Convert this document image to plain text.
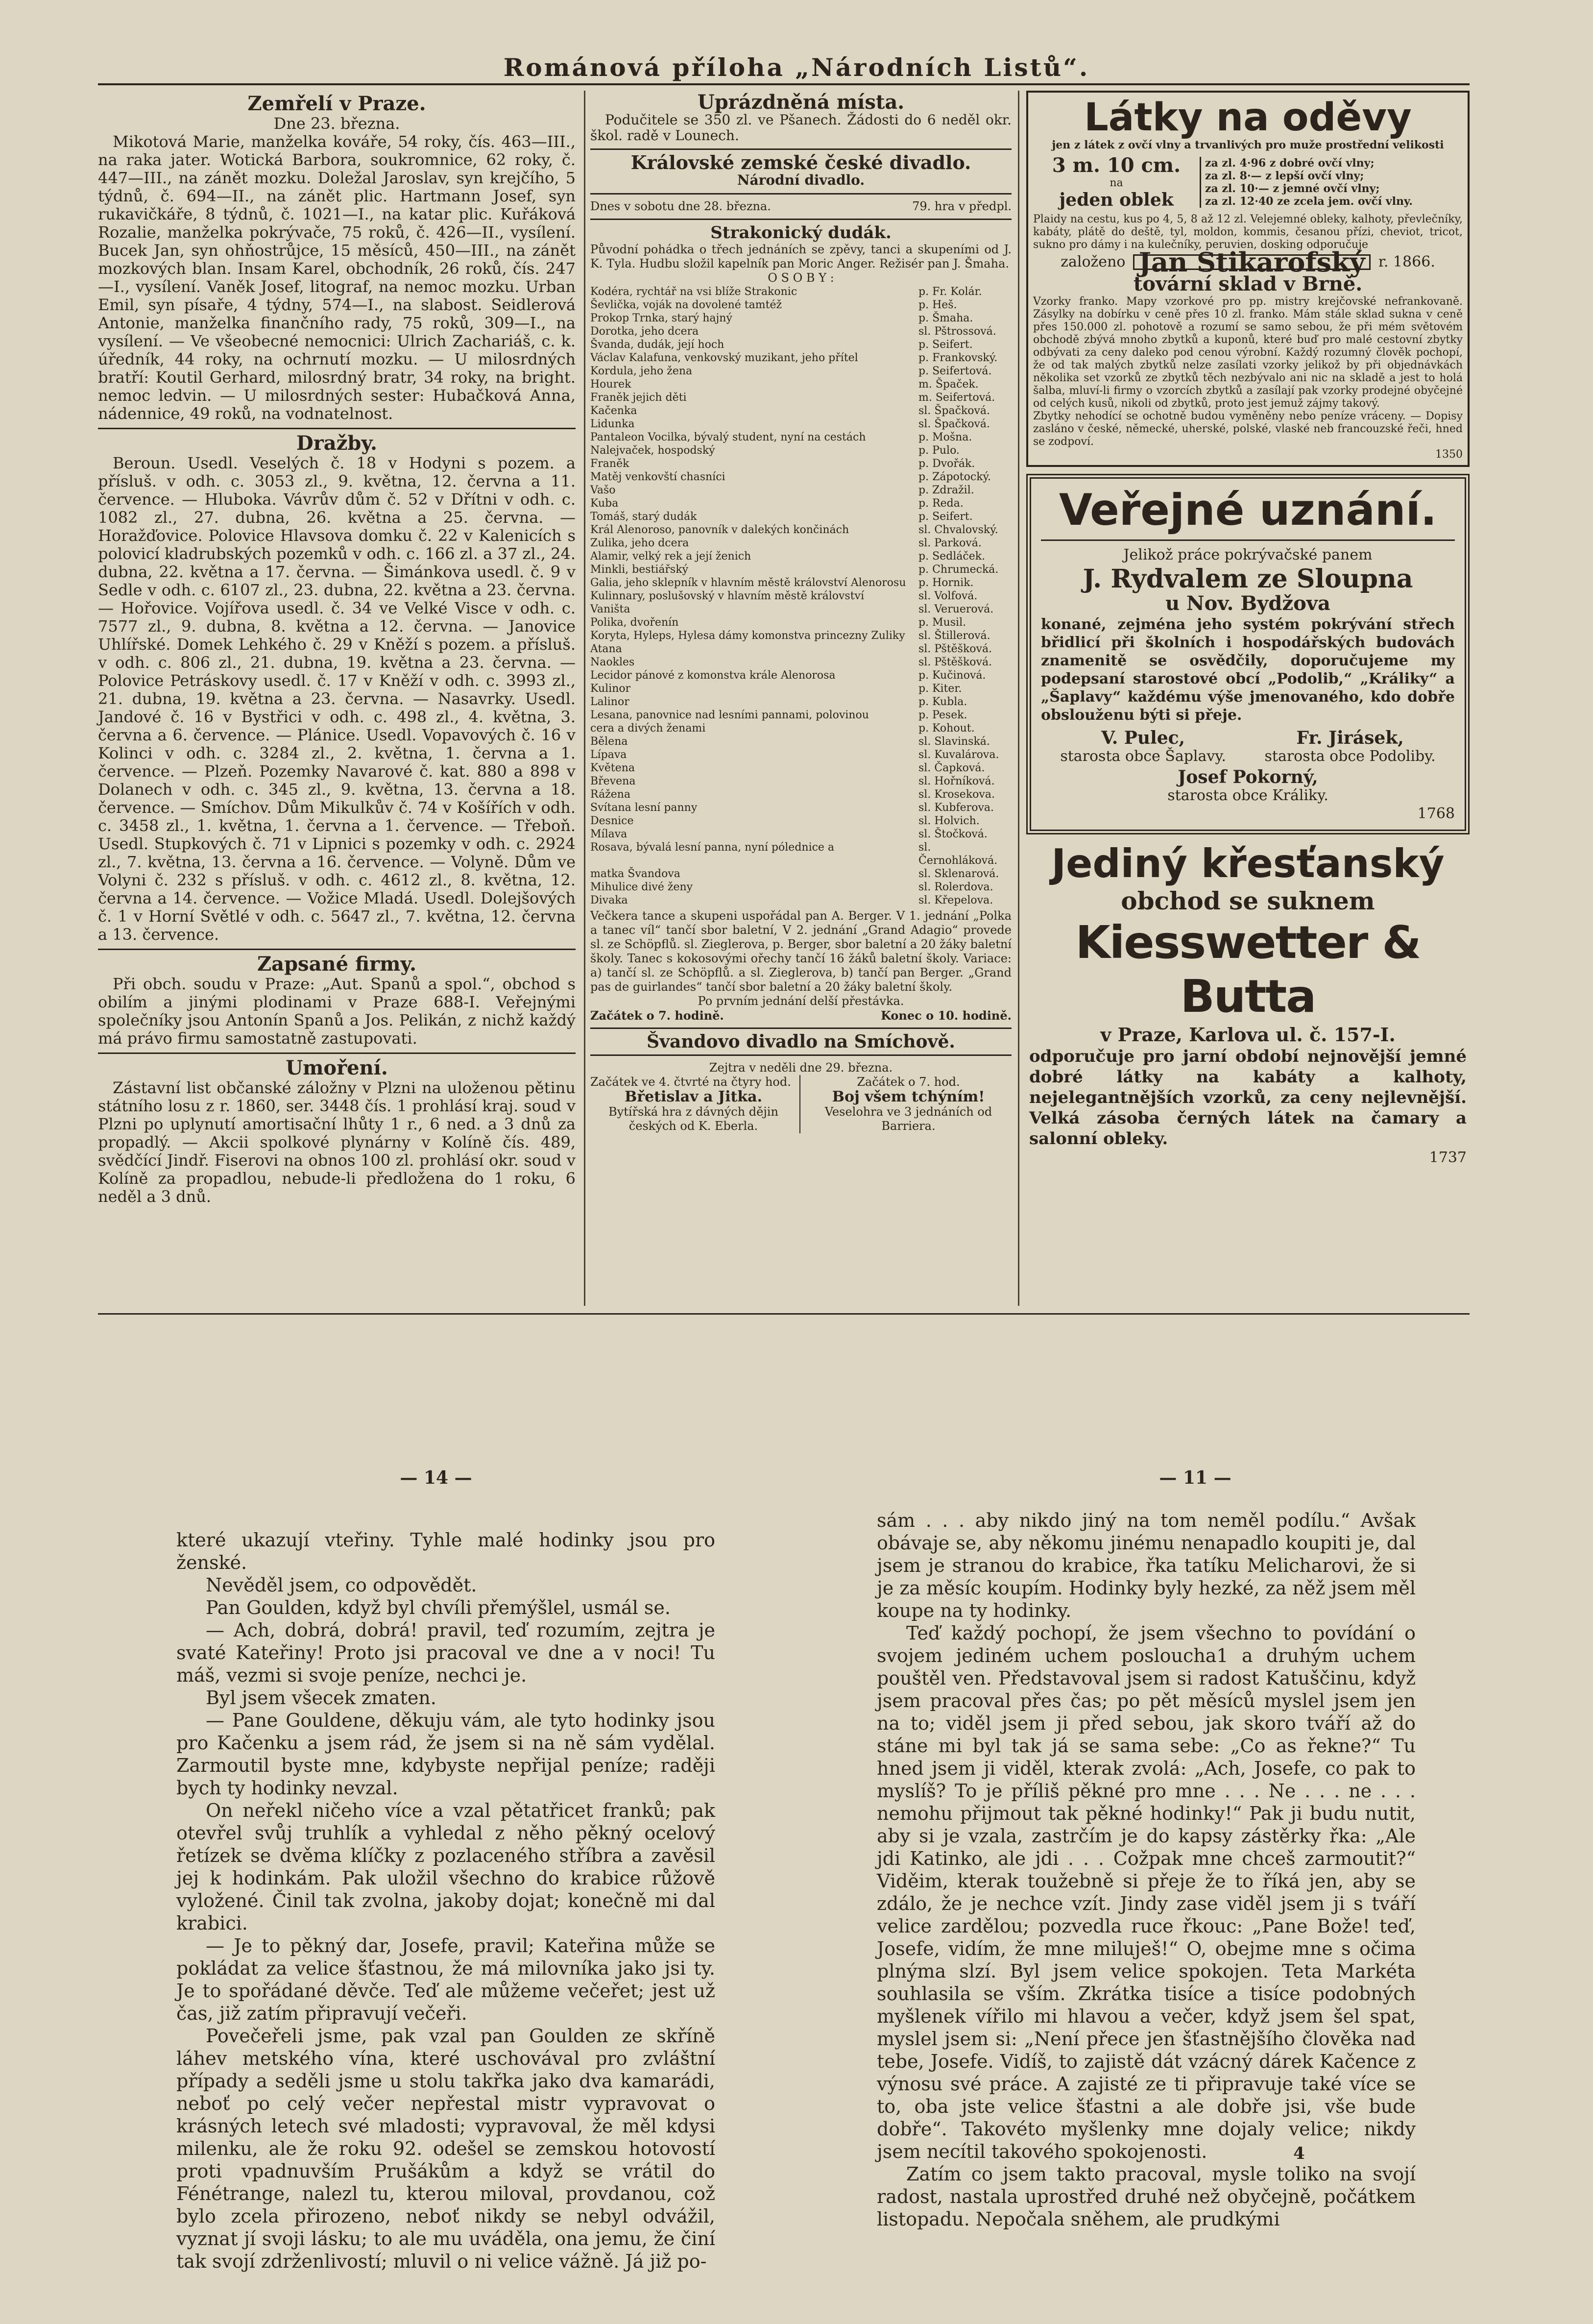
Románová příloha „Národních Listů“.
Zemřelí v Praze.
Dne 23. března.

Mikotová Marie, manželka kováře, 54 roky, čís. 463—III., na raka jater. Wotická Barbora, soukromnice, 62 roky, č. 447—III., na zánět mozku. Doležal Jaroslav, syn krejčího, 5 týdnů, č. 694—II., na zánět plic. Hartmann Josef, syn rukavičkáře, 8 týdnů, č. 1021—I., na katar plic. Kuřáková Rozalie, manželka pokrývače, 75 roků, č. 426—II., vysílení. Bucek Jan, syn ohňostrůjce, 15 měsíců, 450—III., na zánět mozkových blan. Insam Karel, obchodník, 26 roků, čís. 247—I., vysílení. Vaněk Josef, litograf, na nemoc mozku. Urban Emil, syn písaře, 4 týdny, 574—I., na slabost. Seidlerová Antonie, manželka finančního rady, 75 roků, 309—I., na vysílení. — Ve všeobecné nemocnici: Ulrich Zachariáš, c. k. úředník, 44 roky, na ochrnutí mozku. — U milosrdných bratří: Koutil Gerhard, milosrdný bratr, 34 roky, na bright. nemoc ledvin. — U milosrdných sester: Hubačková Anna, nádennice, 49 roků, na vodnatelnost.

Dražby.

Beroun. Usedl. Veselých č. 18 v Hodyni s pozem. a přísluš. v odh. c. 3053 zl., 9. května, 12. června a 11. července. — Hluboka. Vávrův dům č. 52 v Dřítni v odh. c. 1082 zl., 27. dubna, 26. května a 25. června. — Horažďovice. Polovice Hlavsova domku č. 22 v Kalenicích s polovicí kladrubských pozemků v odh. c. 166 zl. a 37 zl., 24. dubna, 22. května a 17. června. — Šimánkova usedl. č. 9 v Sedle v odh. c. 6107 zl., 23. dubna, 22. května a 23. června. — Hořovice. Vojířova usedl. č. 34 ve Velké Visce v odh. c. 7577 zl., 9. dubna, 8. května a 12. června. — Janovice Uhlířské. Domek Lehkého č. 29 v Kněží s pozem. a přísluš. v odh. c. 806 zl., 21. dubna, 19. května a 23. června. — Polovice Petráskovy usedl. č. 17 v Kněží v odh. c. 3993 zl., 21. dubna, 19. května a 23. června. — Nasavrky. Usedl. Jandové č. 16 v Bystřici v odh. c. 498 zl., 4. května, 3. června a 6. července. — Plánice. Usedl. Vopavových č. 16 v Kolinci v odh. c. 3284 zl., 2. května, 1. června a 1. července. — Plzeň. Pozemky Navarové č. kat. 880 a 898 v Dolanech v odh. c. 345 zl., 9. května, 13. června a 18. července. — Smíchov. Dům Mikulkův č. 74 v Košířích v odh. c. 3458 zl., 1. května, 1. června a 1. července. — Třeboň. Usedl. Stupkových č. 71 v Lipnici s pozemky v odh. c. 2924 zl., 7. května, 13. června a 16. července. — Volyně. Dům ve Volyni č. 232 s přísluš. v odh. c. 4612 zl., 8. května, 12. června a 14. července. — Vožice Mladá. Usedl. Dolejšových č. 1 v Horní Světlé v odh. c. 5647 zl., 7. května, 12. června a 13. července.

Zapsané firmy.

Při obch. soudu v Praze: „Aut. Spanů a spol.“, obchod s obilím a jinými plodinami v Praze 688-I. Veřejnými společníky jsou Antonín Spanů a Jos. Pelikán, z nichž každý má právo firmu samostatně zastupovati.

Umoření.

Zástavní list občanské záložny v Plzni na uloženou pětinu státního losu z r. 1860, ser. 3448 čís. 1 prohlásí kraj. soud v Plzni po uplynutí amortisační lhůty 1 r., 6 ned. a 3 dnů za propadlý. — Akcii spolkové plynárny v Kolíně čís. 489, svědčící Jindř. Fiserovi na obnos 100 zl. prohlásí okr. soud v Kolíně za propadlou, nebude-li předložena do 1 roku, 6 neděl a 3 dnů.

Uprázdněná místa.

Podučitele se 350 zl. ve Pšanech. Žádosti do 6 neděl okr. škol. radě v Lounech.

Královské zemské české divadlo.
Národní divadlo.
Dnes v sobotu dne 28. března.	79. hra v předpl.
Strakonický dudák.
Původní pohádka o třech jednáních se zpěvy, tanci a skupeními od J. K. Tyla. Hudbu složil kapelník pan Moric Anger. Režisér pan J. Šmaha.
O S O B Y :
Kodéra, rychtář na vsi blíže Strakonic	p. Fr. Kolár.
Ševlička, voják na dovolené tamtéž	p. Heš.
Prokop Trnka, starý hajný	p. Šmaha.
Dorotka, jeho dcera	sl. Pštrossová.
Švanda, dudák, její hoch	p. Seifert.
Václav Kalafuna, venkovský muzikant, jeho přítel	p. Frankovský.
Kordula, jeho žena	p. Seifertová.
Hourek	m. Špaček.
Franěk jejich děti	m. Seifertová.
Kačenka	sl. Špačková.
Lidunka	sl. Špačková.
Pantaleon Vocilka, bývalý student, nyní na cestách	p. Mošna.
Nalejvaček, hospodský	p. Pulo.
Franěk	p. Dvořák.
Matěj venkovští chasníci	p. Zápotocký.
Vašo	p. Zdražil.
Kuba	p. Reda.
Tomáš, starý dudák	p. Seifert.
Král Alenoroso, panovník v dalekých končinách	sl. Chvalovský.
Zulika, jeho dcera	sl. Parková.
Alamir, velký rek a její ženich	p. Sedláček.
Minkli, bestiářský	p. Chrumecká.
Galia, jeho sklepník v hlavním městě království Alenorosu p. Hornik.
Kulinnary, poslušovský v hlavním městě království	sl. Volfová.
Vaništa	sl. Veruerová.
Polika, dvořenín	p. Musil.
Koryta, Hyleps, Hylesa dámy komonstva princezny Zuliky sl. Štillerová.
Atana	sl. Pštěšková.
Naokles	sl. Pštěšková.
Lecidor pánové z komonstva krále Alenorosa	p. Kučinová.
Kulinor	p. Kiter.
Lalinor	p. Kubla.
Lesana, panovnice nad lesními pannami, polovinou	p. Pesek.
cera a divých ženami	p. Kohout.
Bělena	sl. Slavinská.
Lípava	sl. Kuvalárova.
Květena	sl. Čapková.
Břevena	sl. Hořníková.
Rážena	sl. Krosekova.
Svítana lesní panny	sl. Kubferova.
Desnice	sl. Holvich.
Mílava	sl. Štočková.
Rosava, bývalá lesní panna, nyní pólednice a	sl. Černohláková.
matka Švandova	sl. Sklenarová.
Mihulice divé ženy	sl. Rolerdova.
Divaka	sl. Křepelova.
Večkera tance a skupeni uspořádal pan A. Berger. V 1. jednání „Polka a tanec víl“ tančí sbor baletní, V 2. jednání „Grand Adagio“ provede sl. ze Schöpflů. sl. Zieglerova, p. Berger, sbor baletní a 20 žáky baletní školy. Tanec s kokosovými ořechy tančí 16 žáků baletní školy. Variace: a) tančí sl. ze Schöpflů. a sl. Zieglerova, b) tančí pan Berger. „Grand pas de guirlandes“ tančí sbor baletní a 20 žáky baletní školy.
Po prvním jednání delší přestávka.
Začátek o 7. hodině.	Konec o 10. hodině.
Švandovo divadlo na Smíchově.
Zejtra v neděli dne 29. března.
Začátek ve 4. čtvrté na čtyry hod.
Břetislav a Jitka.
Bytířská hra z dávných dějin českých od K. Eberla.
Začátek o 7. hod.
Boj všem tchýním!
Veselohra ve 3 jednáních od Barriera.
Látky na oděvy
jen z látek z ovčí vlny a trvanlivých pro muže prostřední velikosti
3 m. 10 cm.
na
jeden oblek
za zl. 4·96 z dobré ovčí vlny;
za zl. 8·— z lepší ovčí vlny;
za zl. 10·— z jemné ovčí vlny;
za zl. 12·40 ze zcela jem. ovčí vlny.
Plaidy na cestu, kus po 4, 5, 8 až 12 zl. Velejemné obleky, kalhoty, převlečníky, kabáty, plátě do deště, tyl, moldon, kommis, česanou přízi, cheviot, tricot, sukno pro dámy i na kulečníky, peruvien, dosking odporučuje
založeno Jan Stikarofský r. 1866.
tovární sklad v Brně.
Vzorky franko. Mapy vzorkové pro pp. mistry krejčovské nefrankovaně. Zásylky na dobírku v ceně přes 10 zl. franko. Mám stále sklad sukna v ceně přes 150.000 zl. pohotově a rozumí se samo sebou, že při mém světovém obchodě zbývá mnoho zbytků a kuponů, které buď pro malé cestovní zbytky odbývati za ceny daleko pod cenou výrobní. Každý rozumný člověk pochopí, že od tak malých zbytků nelze zasílati vzorky jelikož by při objednávkách několika set vzorků ze zbytků těch nezbývalo ani nic na skladě a jest to holá šalba, mluví-li firmy o vzorcích zbytků a zasílají pak vzorky prodejné obyčejné od celých kusů, nikoli od zbytků, proto jest jemuž zájmy takový.
Zbytky nehodící se ochotně budou vyměněny nebo peníze vráceny. — Dopisy zasláno v české, německé, uherské, polské, vlaské neb francouzské řeči, hned se zodpoví.
1350
Veřejné uznání.
Jelikož práce pokrývačské panem
J. Rydvalem ze Sloupna
u Nov. Bydžova
konané, zejména jeho systém pokrývání střech břidlicí při školních i hospodářských budovách znamenitě se osvědčily, doporučujeme my podepsaní starostové obcí „Podolib,“ „Králiky“ a „Šaplavy“ každému výše jmenovaného, kdo dobře obslouženu býti si přeje.
V. Pulec,
starosta obce Šaplavy.
Fr. Jirásek,
starosta obce Podoliby.
Josef Pokorný,
starosta obce Králiky.
1768
Jediný křesťanský
obchod se suknem
Kiesswetter & Butta
v Praze, Karlova ul. č. 157-I.
odporučuje pro jarní období nejnovější jemné dobré látky na kabáty a kalhoty, nejelegantnějších vzorků, za ceny nejlevnější. Velká zásoba černých látek na čamary a salonní obleky.
1737
— 14 —	— 11 —

které ukazují vteřiny. Tyhle malé hodinky jsou pro ženské.

Nevěděl jsem, co odpovědět.

Pan Goulden, když byl chvíli přemýšlel, usmál se.

— Ach, dobrá, dobrá! pravil, teď rozumím, zejtra je svaté Kateřiny! Proto jsi pracoval ve dne a v noci! Tu máš, vezmi si svoje peníze, nechci je.

Byl jsem všecek zmaten.

— Pane Gouldene, děkuju vám, ale tyto hodinky jsou pro Kačenku a jsem rád, že jsem si na ně sám vydělal. Zarmoutil byste mne, kdybyste nepřijal peníze; raději bych ty hodinky nevzal.

On neřekl ničeho více a vzal pětatřicet franků; pak otevřel svůj truhlík a vyhledal z něho pěkný ocelový řetízek se dvěma klíčky z pozlaceného stříbra a zavěsil jej k hodinkám. Pak uložil všechno do krabice růžově vyložené. Činil tak zvolna, jakoby dojat; konečně mi dal krabici.

— Je to pěkný dar, Josefe, pravil; Kateřina může se pokládat za velice šťastnou, že má milovníka jako jsi ty. Je to spořádané děvče. Teď ale můžeme večeřet; jest už čas, již zatím připravují večeři.

Povečeřeli jsme, pak vzal pan Goulden ze skříně láhev metského vína, které uschovával pro zvláštní případy a seděli jsme u stolu takřka jako dva kamarádi, neboť po celý večer nepřestal mistr vypravovat o krásných letech své mladosti; vypravoval, že měl kdysi milenku, ale že roku 92. odešel se zemskou hotovostí proti vpadnuvším Prušákům a když se vrátil do Fénétrange, nalezl tu, kterou miloval, provdanou, což bylo zcela přirozeno, neboť nikdy se nebyl odvážil, vyznat jí svoji lásku; to ale mu uváděla, ona jemu, že činí tak svojí zdrženlivostí; mluvil o ni velice vážně. Já již po-

sám . . . aby nikdo jiný na tom neměl podílu.“ Avšak obávaje se, aby někomu jinému nenapadlo koupiti je, dal jsem je stranou do krabice, řka tatíku Melicharovi, že si je za měsíc koupím. Hodinky byly hezké, za něž jsem měl koupe na ty hodinky.

Teď každý pochopí, že jsem všechno to povídání o svojem jediném uchem posloucha1 a druhým uchem pouštěl ven. Představoval jsem si radost Katuščinu, když jsem pracoval přes čas; po pět měsíců myslel jsem jen na to; viděl jsem ji před sebou, jak skoro tváří až do stáne mi byl tak já se sama sebe: „Co as řekne?“ Tu hned jsem ji viděl, kterak zvolá: „Ach, Josefe, co pak to myslíš? To je příliš pěkné pro mne . . . Ne . . . ne . . . nemohu přijmout tak pěkné hodinky!“ Pak ji budu nutit, aby si je vzala, zastrčím je do kapsy zástěrky řka: „Ale jdi Katinko, ale jdi . . . Cožpak mne chceš zarmoutit?“ Viděim, kterak toužebně si přeje že to říká jen, aby se zdálo, že je nechce vzít. Jindy zase viděl jsem ji s tváří velice zardělou; pozvedla ruce řkouc: „Pane Bože! teď, Josefe, vidím, že mne miluješ!“ O, obejme mne s očima plnýma slzí. Byl jsem velice spokojen. Teta Markéta souhlasila se vším. Zkrátka tisíce a tisíce podobných myšlenek vířilo mi hlavou a večer, když jsem šel spat, myslel jsem si: „Není přece jen šťastnějšího člověka nad tebe, Josefe. Vidíš, to zajistě dát vzácný dárek Kačence z výnosu své práce. A zajisté ze ti připravuje také více se to, oba jste velice šťastni a ale dobře jsi, vše bude dobře“. Takovéto myšlenky mne dojaly velice; nikdy jsem necítil takového spokojenosti.

Zatím co jsem takto pracoval, mysle toliko na svojí radost, nastala uprostřed druhé než obyčejně, počátkem listopadu. Nepočala sněhem, ale prudkými

4
